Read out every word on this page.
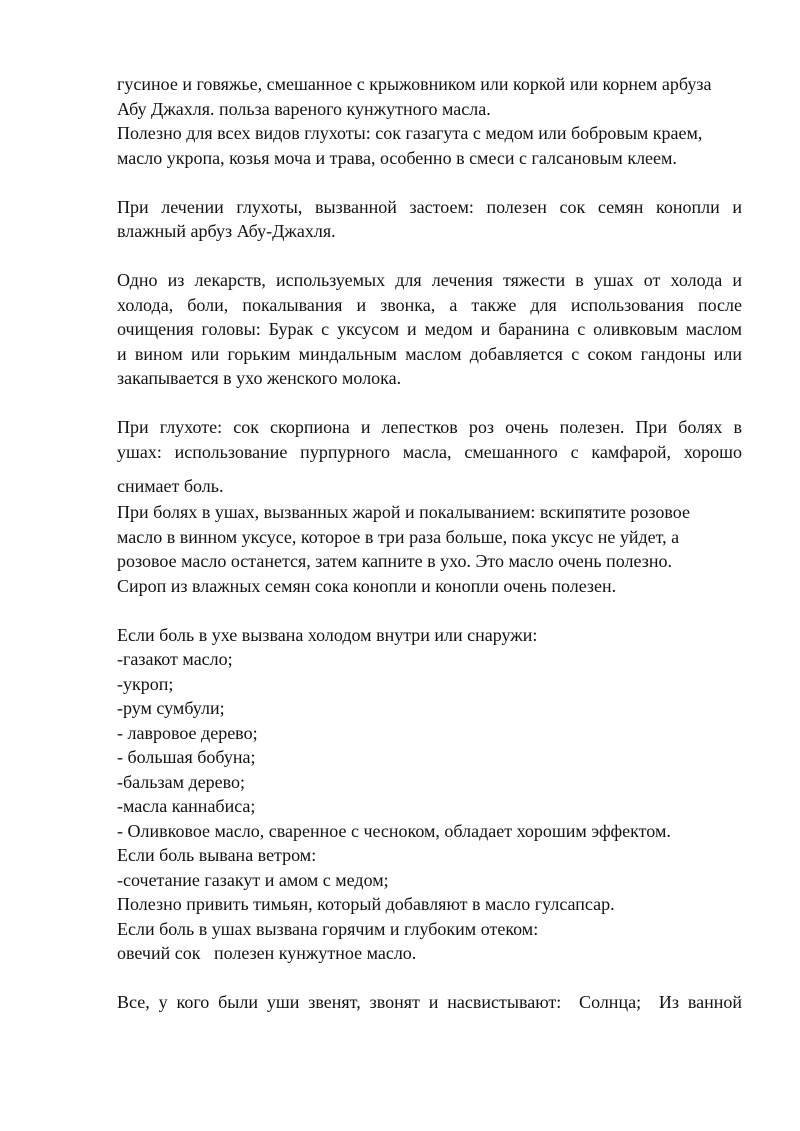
гусиное и говяжье, смешанное с крыжовником или коркой или корнем арбуза
Абу Джахля. польза вареного кунжутного масла.
Полезно для всех видов глухоты: сок газагута с медом или бобровым краем,
масло укропа, козья моча и трава, особенно в смеси с галсановым клеем.
При лечении глухоты, вызванной застоем: полезен сок семян конопли и
влажный арбуз Абу-Джахля.
Одно из лекарств, используемых для лечения тяжести в ушах от холода и
холода, боли, покалывания и звонка, а также для использования после
очищения головы: Бурак с уксусом и медом и баранина с оливковым маслом
и вином или горьким миндальным маслом добавляется с соком гандоны или
закапывается в ухо женского молока.
При глухоте: сок скорпиона и лепестков роз очень полезен. При болях в
ушах: использование пурпурного масла, смешанного с камфарой, хорошо
снимает боль.
При болях в ушах, вызванных жарой и покалыванием: вскипятите розовое
масло в винном уксусе, которое в три раза больше, пока уксус не уйдет, а
розовое масло останется, затем капните в ухо. Это масло очень полезно.
Сироп из влажных семян сока конопли и конопли очень полезен.
Если боль в ухе вызвана холодом внутри или снаружи:
-газакот масло;
-укроп;
-рум сумбули;
- лавровое дерево;
- большая бобуна;
-бальзам дерево;
-масла каннабиса;
- Оливковое масло, сваренное с чесноком, обладает хорошим эффектом.
Если боль вывана ветром:
-сочетание газакут и амом с медом;
Полезно привить тимьян, который добавляют в масло гулсапсар.
Если боль в ушах вызвана горячим и глубоким отеком:
овечий сок   полезен кунжутное масло.
Все, у кого были уши звенят, звонят и насвистывают:  Солнца;  Из ванной
